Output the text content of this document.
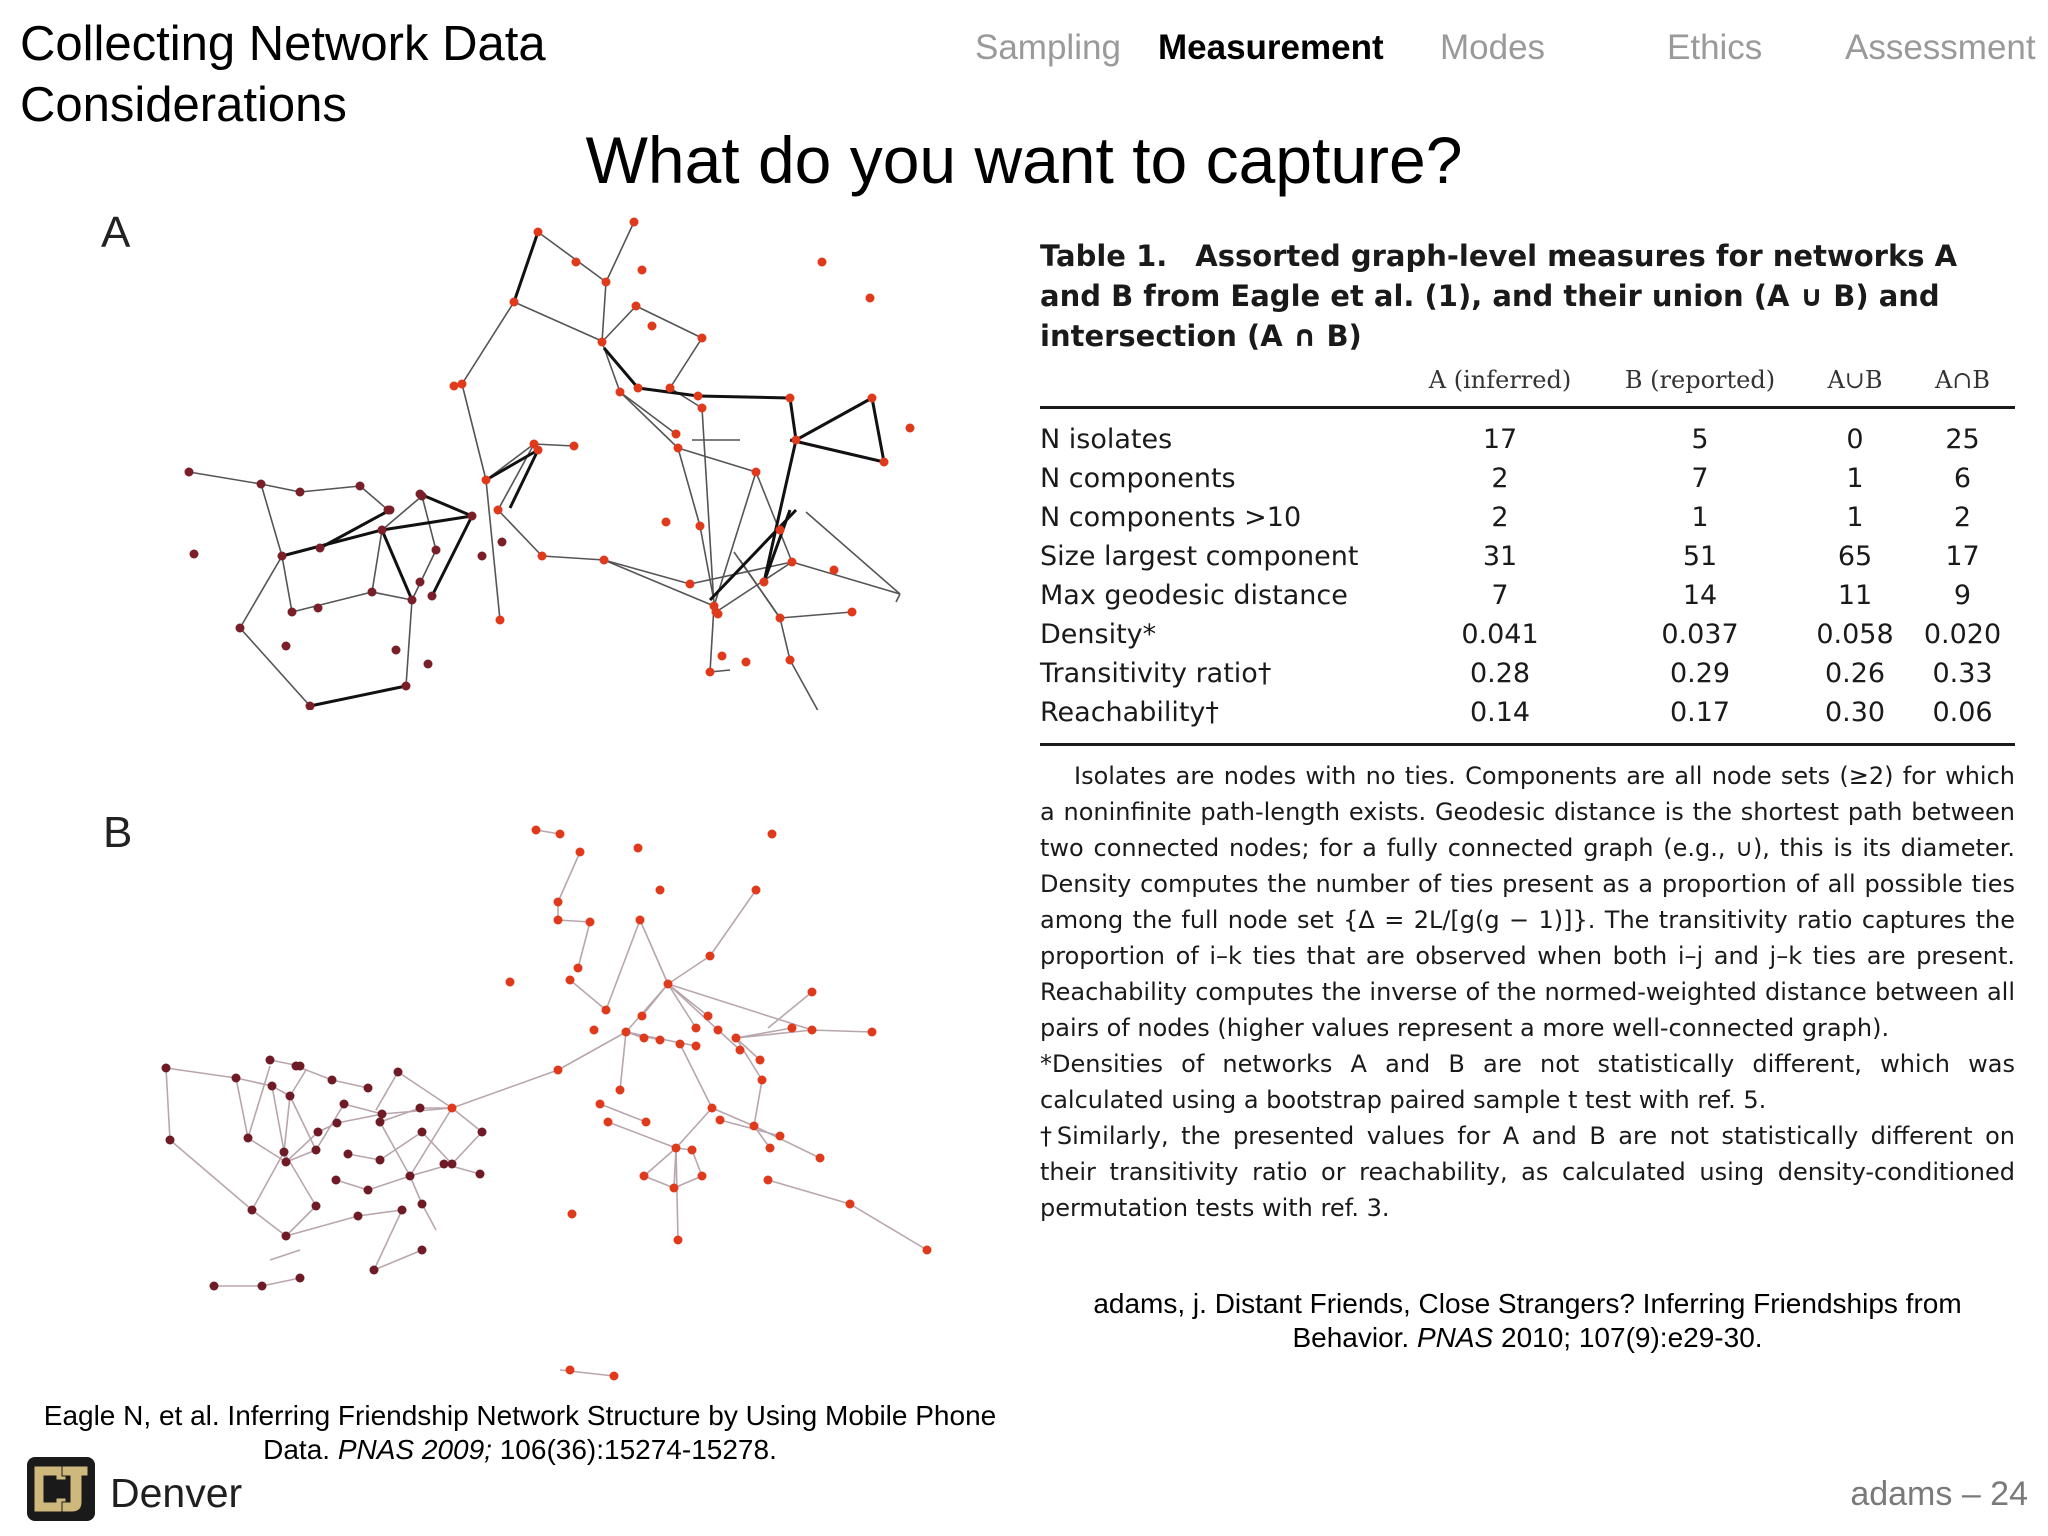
Collecting Network Data Considerations
Sampling Measurement Modes	Ethics Assessment
What do you want to capture?
A
B

Table 1. Assorted graph-level measures for networks A and B from Eagle et al. (1), and their union (A ∪ B) and intersection (A ∩ B)

	A (inferred)	B (reported)	A∪B	A∩B
N isolates	17	5	0	25
N components	2	7	1	6
N components >10	2	1	1	2
Size largest component	31	51	65	17
Max geodesic distance	7	14	11	9
Density*	0.041	0.037	0.058	0.020
Transitivity ratio†	0.28	0.29	0.26	0.33
Reachability†	0.14	0.17	0.30	0.06

Isolates are nodes with no ties. Components are all node sets (≥2) for which a noninfinite path-length exists. Geodesic distance is the shortest path between two connected nodes; for a fully connected graph (e.g., ∪), this is its diameter. Density computes the number of ties present as a proportion of all possible ties among the full node set {Δ = 2L/[g(g − 1)]}. The transitivity ratio captures the proportion of i–k ties that are observed when both i–j and j–k ties are present. Reachability computes the inverse of the normed-weighted distance between all pairs of nodes (higher values represent a more well-connected graph).

*Densities of networks A and B are not statistically different, which was calculated using a bootstrap paired sample t test with ref. 5.

†Similarly, the presented values for A and B are not statistically different on their transitivity ratio or reachability, as calculated using density-conditioned permutation tests with ref. 3.

adams, j. Distant Friends, Close Strangers? Inferring Friendships from
Behavior. PNAS 2010; 107(9):e29-30.
Eagle N, et al. Inferring Friendship Network Structure by Using Mobile Phone
Data. PNAS 2009; 106(36):15274-15278.
Denver	adams – 24
